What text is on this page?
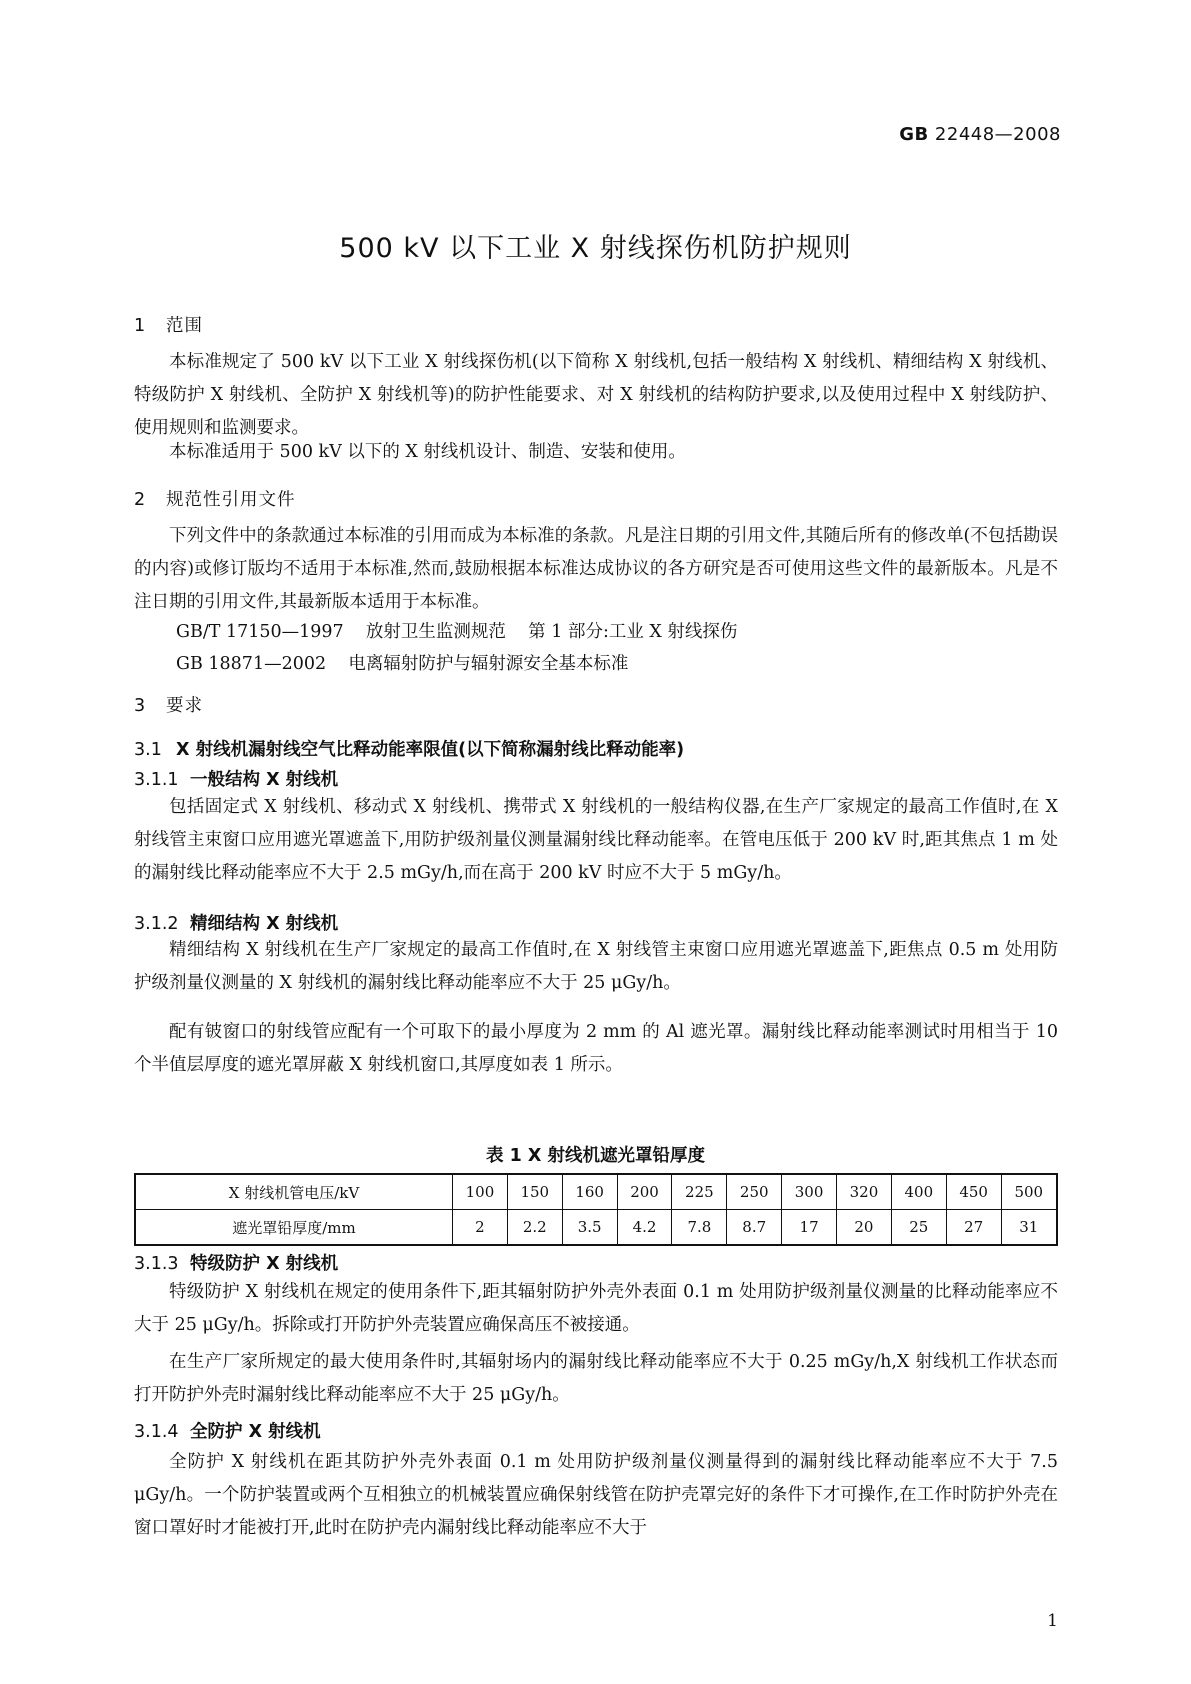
GB 22448—2008
500 kV 以下工业 X 射线探伤机防护规则
1 范围
本标准规定了 500 kV 以下工业 X 射线探伤机(以下简称 X 射线机,包括一般结构 X 射线机、精细结构 X 射线机、特级防护 X 射线机、全防护 X 射线机等)的防护性能要求、对 X 射线机的结构防护要求,以及使用过程中 X 射线防护、使用规则和监测要求。
本标准适用于 500 kV 以下的 X 射线机设计、制造、安装和使用。
2 规范性引用文件
下列文件中的条款通过本标准的引用而成为本标准的条款。凡是注日期的引用文件,其随后所有的修改单(不包括勘误的内容)或修订版均不适用于本标准,然而,鼓励根据本标准达成协议的各方研究是否可使用这些文件的最新版本。凡是不注日期的引用文件,其最新版本适用于本标准。
GB/T 17150—1997    放射卫生监测规范    第 1 部分:工业 X 射线探伤
GB 18871—2002    电离辐射防护与辐射源安全基本标准
3 要求
3.1 X 射线机漏射线空气比释动能率限值(以下简称漏射线比释动能率)
3.1.1 一般结构 X 射线机
包括固定式 X 射线机、移动式 X 射线机、携带式 X 射线机的一般结构仪器,在生产厂家规定的最高工作值时,在 X 射线管主束窗口应用遮光罩遮盖下,用防护级剂量仪测量漏射线比释动能率。在管电压低于 200 kV 时,距其焦点 1 m 处的漏射线比释动能率应不大于 2.5 mGy/h,而在高于 200 kV 时应不大于 5 mGy/h。
3.1.2 精细结构 X 射线机
精细结构 X 射线机在生产厂家规定的最高工作值时,在 X 射线管主束窗口应用遮光罩遮盖下,距焦点 0.5 m 处用防护级剂量仪测量的 X 射线机的漏射线比释动能率应不大于 25 μGy/h。
配有铍窗口的射线管应配有一个可取下的最小厚度为 2 mm 的 Al 遮光罩。漏射线比释动能率测试时用相当于 10 个半值层厚度的遮光罩屏蔽 X 射线机窗口,其厚度如表 1 所示。
表 1 X 射线机遮光罩铅厚度
X 射线机管电压/kV	100	150	160	200	225	250	300	320	400	450	500
遮光罩铅厚度/mm	2	2.2	3.5	4.2	7.8	8.7	17	20	25	27	31
3.1.3 特级防护 X 射线机
特级防护 X 射线机在规定的使用条件下,距其辐射防护外壳外表面 0.1 m 处用防护级剂量仪测量的比释动能率应不大于 25 μGy/h。拆除或打开防护外壳装置应确保高压不被接通。
在生产厂家所规定的最大使用条件时,其辐射场内的漏射线比释动能率应不大于 0.25 mGy/h,X 射线机工作状态而打开防护外壳时漏射线比释动能率应不大于 25 μGy/h。
3.1.4 全防护 X 射线机
全防护 X 射线机在距其防护外壳外表面 0.1 m 处用防护级剂量仪测量得到的漏射线比释动能率应不大于 7.5 μGy/h。一个防护装置或两个互相独立的机械装置应确保射线管在防护壳罩完好的条件下才可操作,在工作时防护外壳在窗口罩好时才能被打开,此时在防护壳内漏射线比释动能率应不大于
1
